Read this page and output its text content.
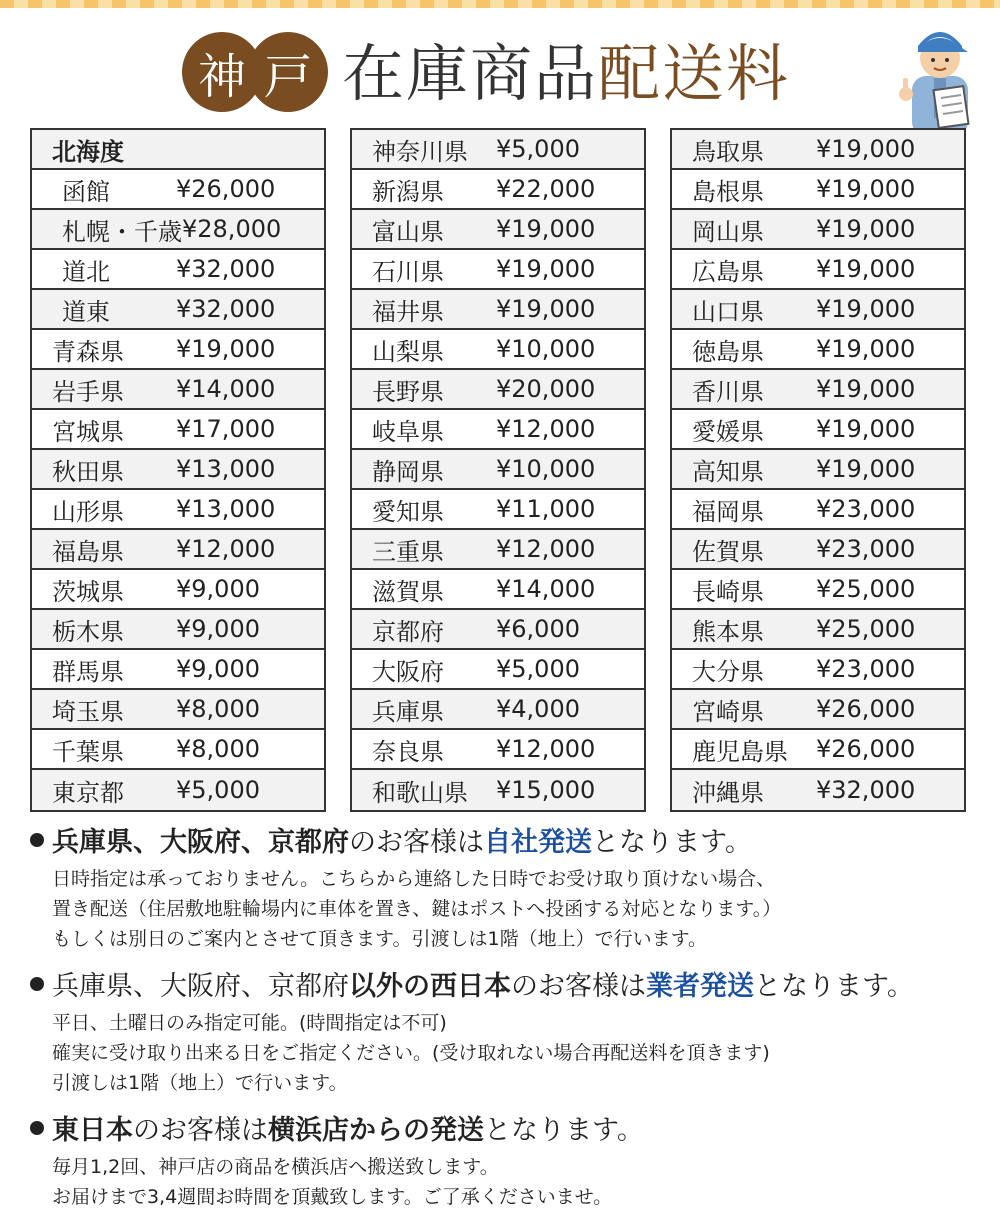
神 戸 在庫商品配送料
北海度
函館	¥26,000
札幌・千歳 ¥28,000
道北	¥32,000
道東	¥32,000
青森県	¥19,000
岩手県	¥14,000
宮城県	¥17,000
秋田県	¥13,000
山形県	¥13,000
福島県	¥12,000
茨城県	¥9,000
栃木県	¥9,000
群馬県	¥9,000
埼玉県	¥8,000
千葉県	¥8,000
東京都	¥5,000
神奈川県	¥5,000
新潟県	¥22,000
富山県	¥19,000
石川県	¥19,000
福井県	¥19,000
山梨県	¥10,000
長野県	¥20,000
岐阜県	¥12,000
静岡県	¥10,000
愛知県	¥11,000
三重県	¥12,000
滋賀県	¥14,000
京都府	¥6,000
大阪府	¥5,000
兵庫県	¥4,000
奈良県	¥12,000
和歌山県	¥15,000
鳥取県	¥19,000
島根県	¥19,000
岡山県	¥19,000
広島県	¥19,000
山口県	¥19,000
徳島県	¥19,000
香川県	¥19,000
愛媛県	¥19,000
高知県	¥19,000
福岡県	¥23,000
佐賀県	¥23,000
長崎県	¥25,000
熊本県	¥25,000
大分県	¥23,000
宮崎県	¥26,000
鹿児島県	¥26,000
沖縄県	¥32,000
兵庫県、大阪府、京都府のお客様は自社発送となります。
日時指定は承っておりません。こちらから連絡した日時でお受け取り頂けない場合、
置き配送（住居敷地駐輪場内に車体を置き、鍵はポストへ投函する対応となります。）
もしくは別日のご案内とさせて頂きます。引渡しは1階（地上）で行います。
兵庫県、大阪府、京都府以外の西日本のお客様は業者発送となります。
平日、土曜日のみ指定可能。(時間指定は不可)
確実に受け取り出来る日をご指定ください。(受け取れない場合再配送料を頂きます)
引渡しは1階（地上）で行います。
東日本のお客様は横浜店からの発送となります。
毎月1,2回、神戸店の商品を横浜店へ搬送致します。
お届けまで3,4週間お時間を頂戴致します。ご了承くださいませ。
